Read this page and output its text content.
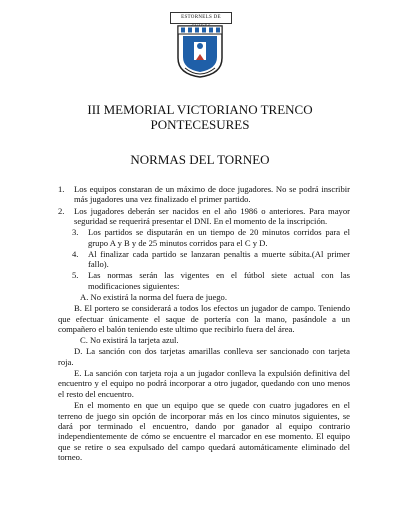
ESTORNELS DE
III MEMORIAL VICTORIANO TRENCO
PONTECESURES
NORMAS DEL TORNEO
1. Los equipos constaran de un máximo de doce jugadores. No se podrá inscribir más jugadores una vez finalizado el primer partido.
2. Los jugadores deberán ser nacidos en el año 1986 o anteriores. Para mayor seguridad se requerirá presentar el DNI. En el momento de la inscripción.
3. Los partidos se disputarán en un tiempo de 20 minutos corridos para el grupo A y B y de 25 minutos corridos para el C y D.
4. Al finalizar cada partido se lanzaran penaltis a muerte súbita.(Al primer fallo).
5. Las normas serán las vigentes en el fútbol siete actual con las modificaciones siguientes:
A. No existirá la norma del fuera de juego.
B. El portero se considerará a todos los efectos un jugador de campo. Teniendo que efectuar únicamente el saque de portería con la mano, pasándole a un compañero el balón teniendo este ultimo que recibirlo fuera del área.
C. No existirá la tarjeta azul.
D. La sanción con dos tarjetas amarillas conlleva ser sancionado con tarjeta roja.
E. La sanción con tarjeta roja a un jugador conlleva la expulsión definitiva del encuentro y el equipo no podrá incorporar a otro jugador, quedando con uno menos el resto del encuentro.
En el momento en que un equipo que se quede con cuatro jugadores en el terreno de juego sin opción de incorporar más en los cinco minutos siguientes, se dará por terminado el encuentro, dando por ganador al equipo contrario independientemente de cómo se encuentre el marcador en ese momento. El equipo que se retire o sea expulsado del campo quedará automáticamente eliminado del torneo.
